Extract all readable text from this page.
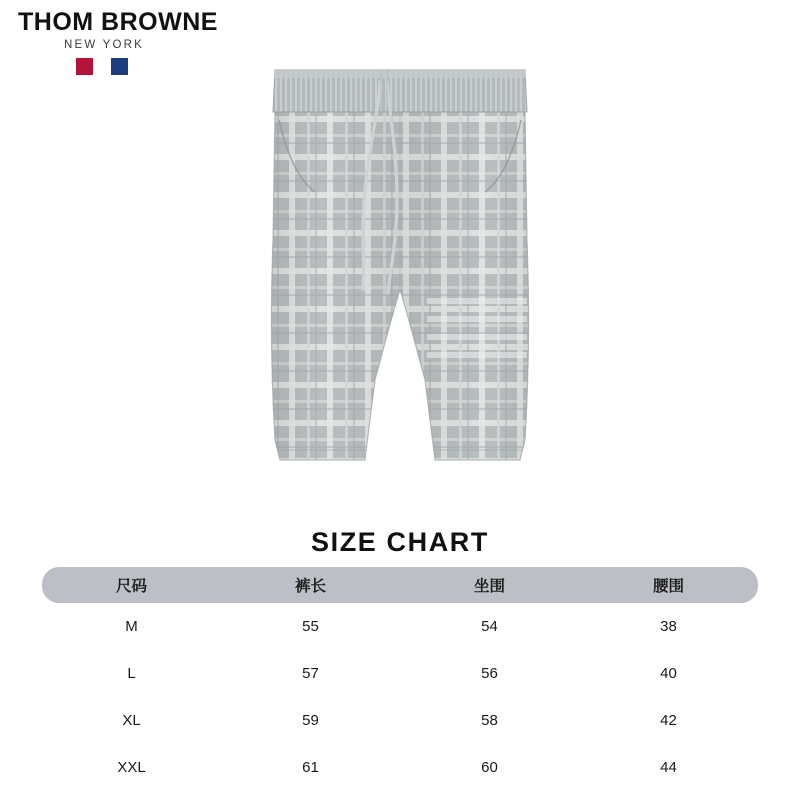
THOM BROWNE
NEW YORK
SIZE CHART
尺码	裤长	坐围	腰围
M	55	54	38
L	57	56	40
XL	59	58	42
XXL	61	60	44
